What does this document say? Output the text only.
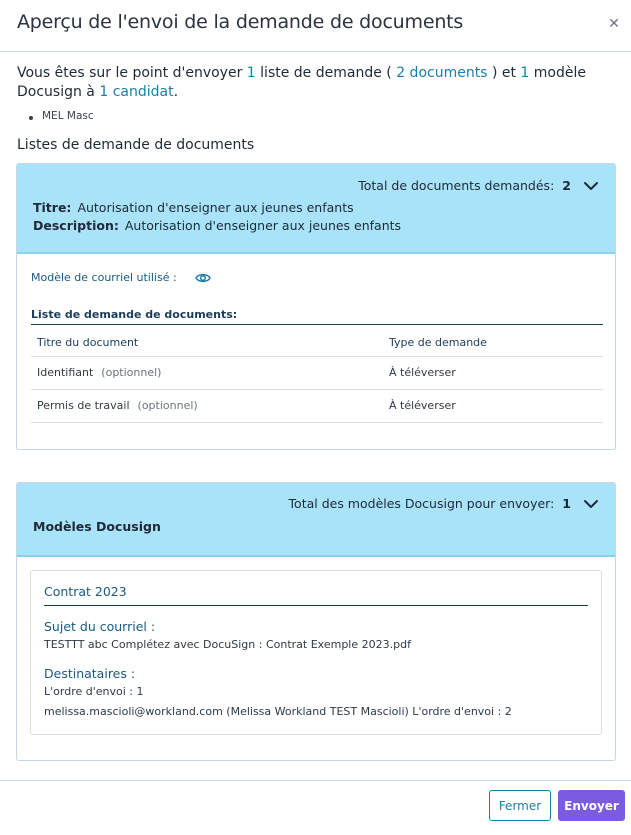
Aperçu de l'envoi de la demande de documents	✕

Vous êtes sur le point d'envoyer 1 liste de demande ( 2 documents ) et 1 modèle Docusign à 1 candidat.

MEL Masc
Listes de demande de documents
Total de documents demandés: 2
Titre: Autorisation d'enseigner aux jeunes enfants
Description: Autorisation d'enseigner aux jeunes enfants
Modèle de courriel utilisé :
Liste de demande de documents:
Titre du document	Type de demande
Identifiant (optionnel)	À téléverser
Permis de travail (optionnel)	À téléverser
Total des modèles Docusign pour envoyer: 1
Modèles Docusign
Contrat 2023
Sujet du courriel :
TESTTT abc Complétez avec DocuSign : Contrat Exemple 2023.pdf
Destinataires :
L'ordre d'envoi : 1
melissa.mascioli@workland.com (Melissa Workland TEST Mascioli) L'ordre d'envoi : 2
Fermer	Envoyer
